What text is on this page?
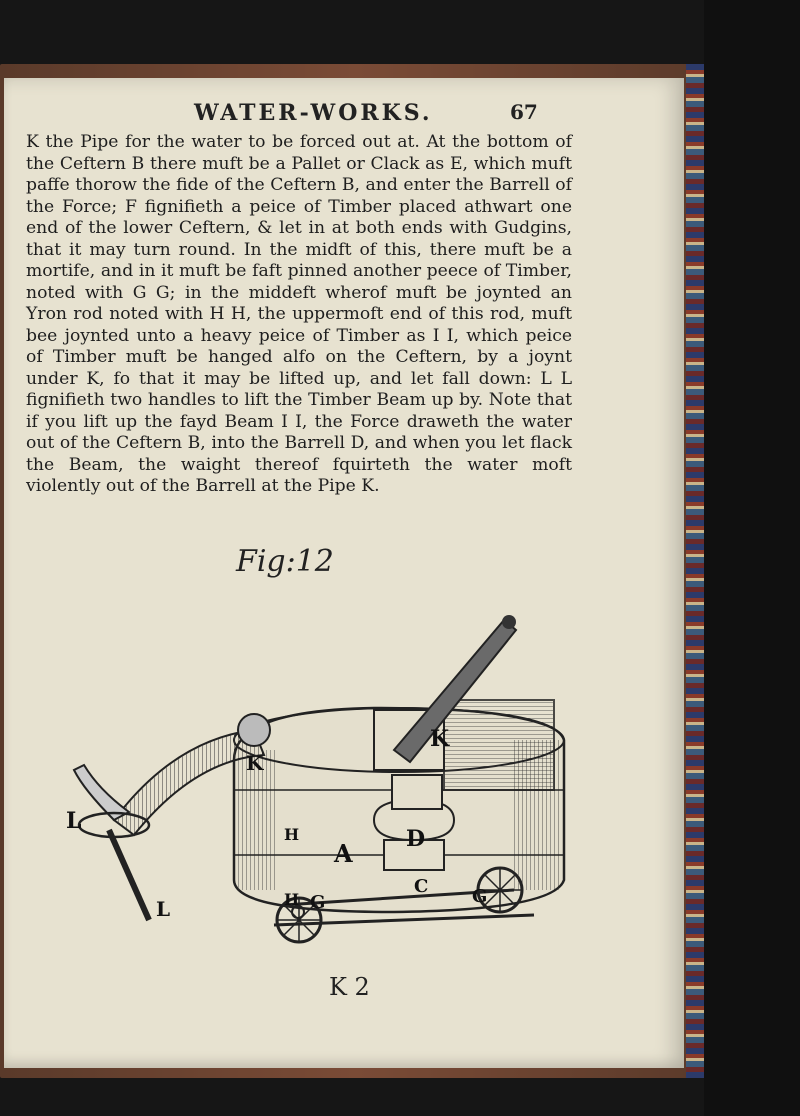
WATER-WORKS.	67
K the Pipe for the water to be forced out at. At the bottom of the Ceftern B there muft be a Pallet or Clack as E, which muft paffe thorow the fide of the Ceftern B, and enter the Barrell of the Force; F fignifieth a peice of Timber placed athwart one end of the lower Ceftern, & let in at both ends with Gudgins, that it may turn round. In the midft of this, there muft be a mortife, and in it muft be faft pinned another peece of Timber, noted with G G; in the middeft wherof muft be joynted an Yron rod noted with H H, the uppermoft end of this rod, muft bee joynted unto a heavy peice of Timber as I I, which peice of Timber muft be hanged alfo on the Ceftern, by a joynt under K, fo that it may be lifted up, and let fall down: L L fignifieth two handles to lift the Timber Beam up by. Note that if you lift up the fayd Beam I I, the Force draweth the water out of the Ceftern B, into the Barrell D, and when you let flack the Beam, the waight thereof fquirteth the water moft violently out of the Barrell at the Pipe K.
Fig:12
K
K
L
L
H
H
A D
C
G	G
K 2
